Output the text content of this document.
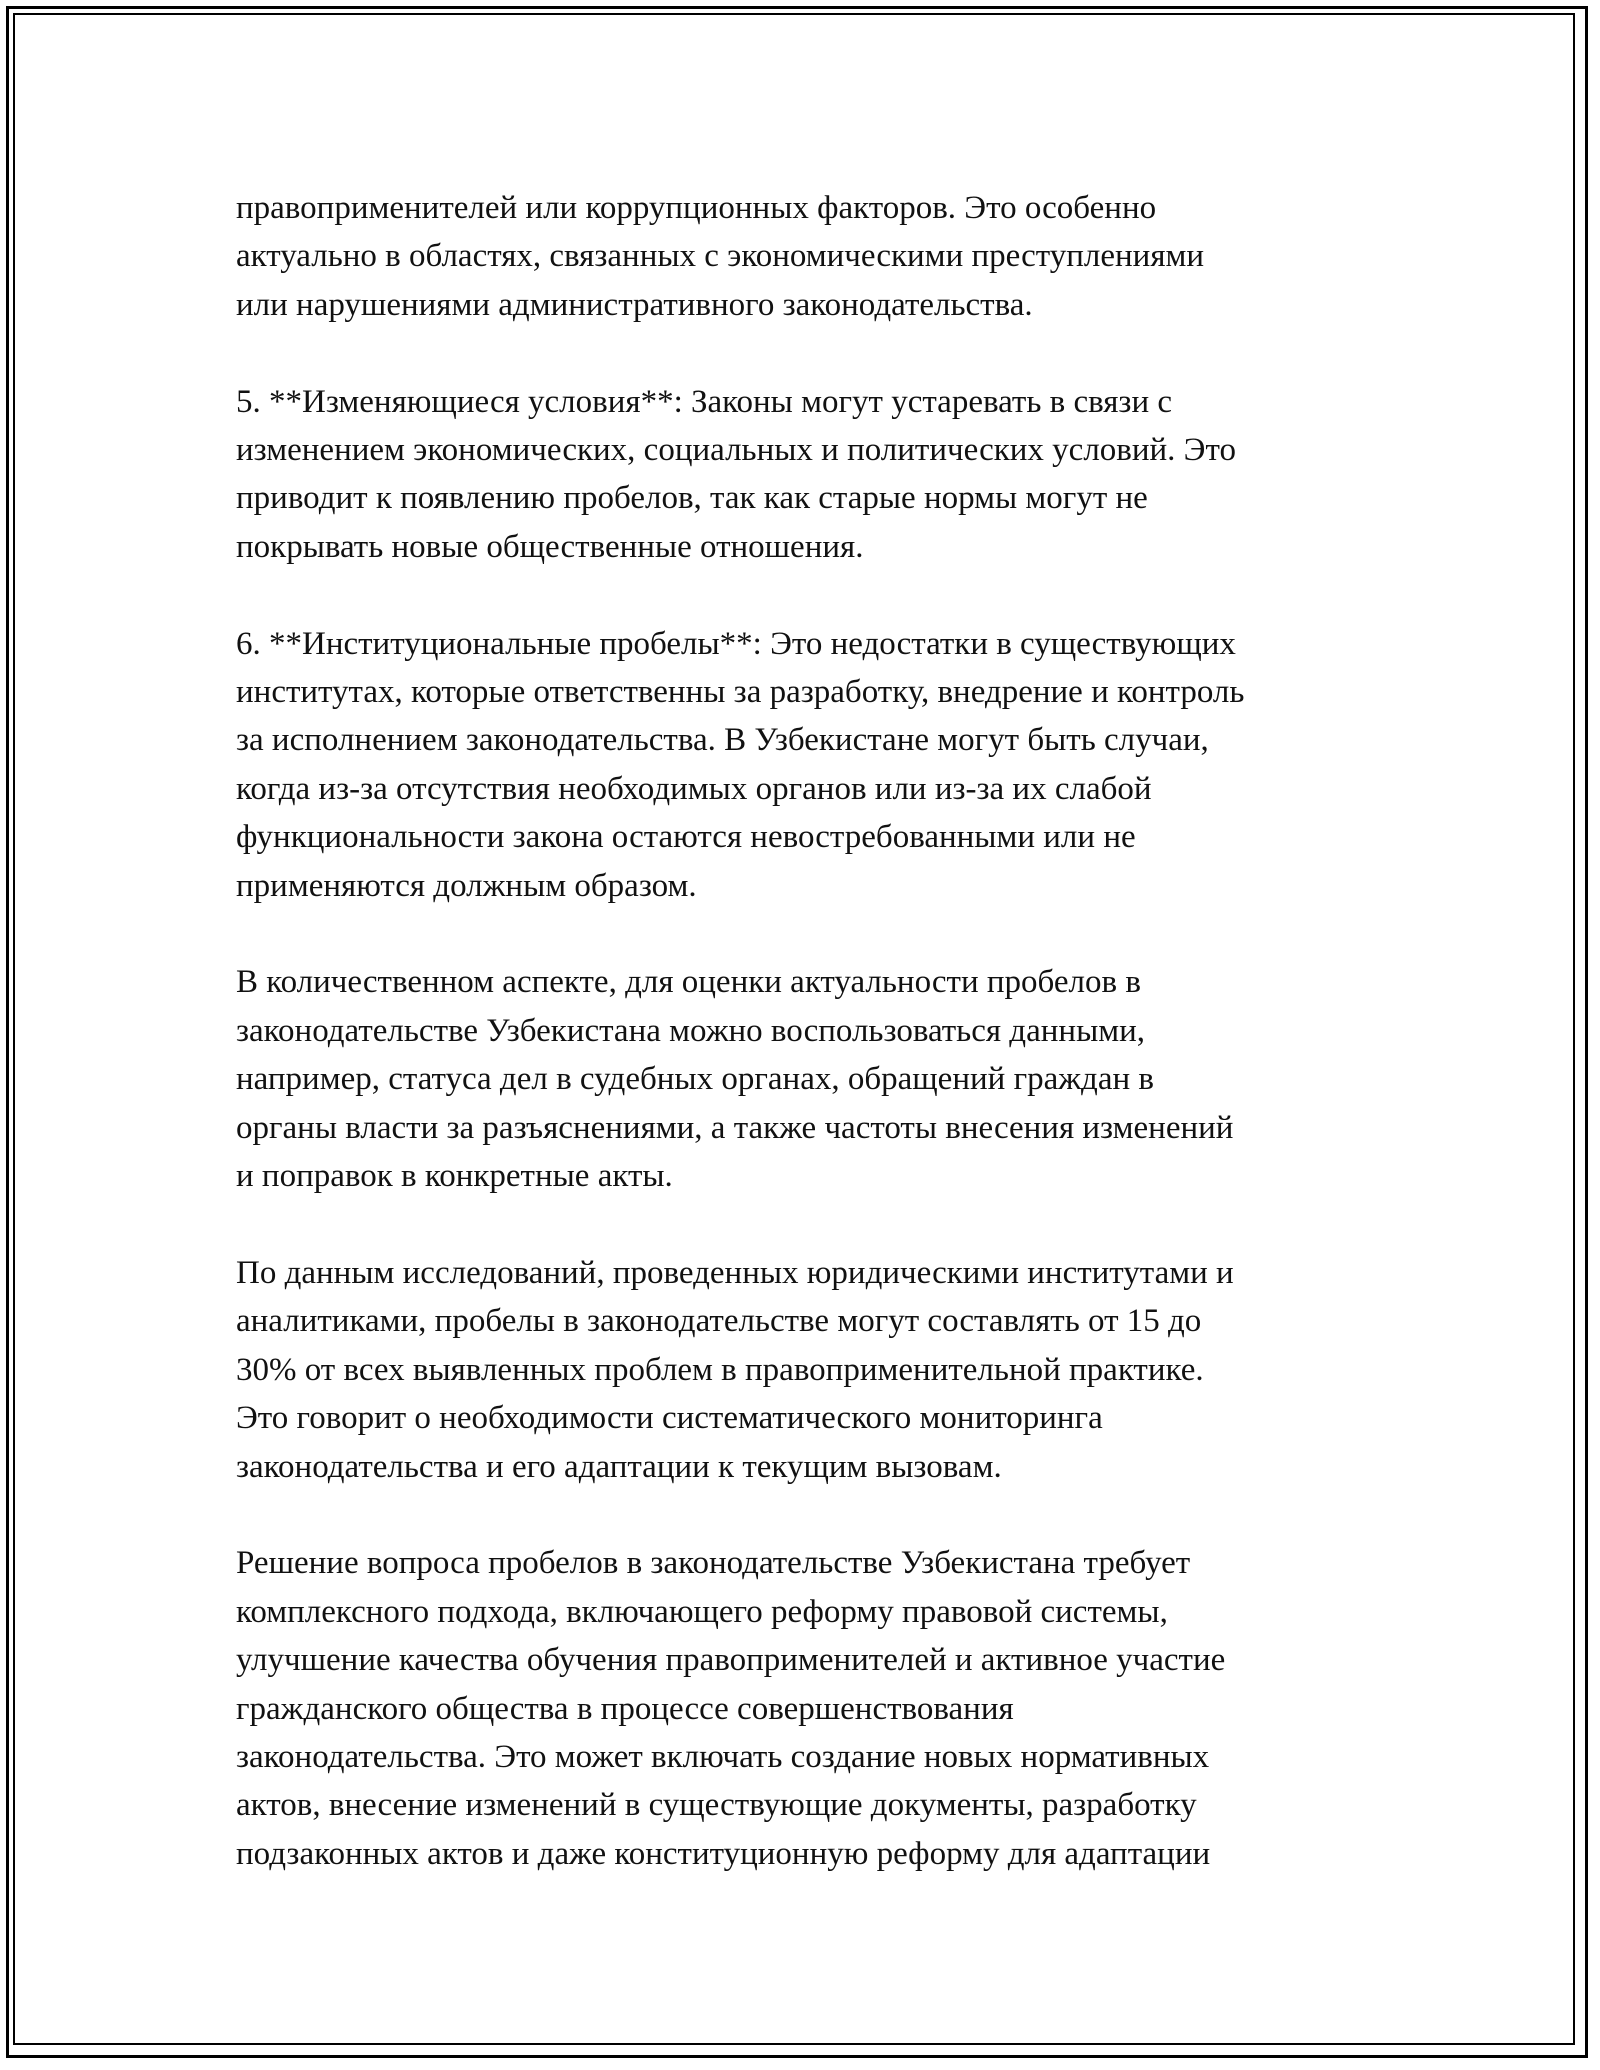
правоприменителей или коррупционных факторов. Это особенно
актуально в областях, связанных с экономическими преступлениями
или нарушениями административного законодательства.
5. **Изменяющиеся условия**: Законы могут устаревать в связи с
изменением экономических, социальных и политических условий. Это
приводит к появлению пробелов, так как старые нормы могут не
покрывать новые общественные отношения.
6. **Институциональные пробелы**: Это недостатки в существующих
институтах, которые ответственны за разработку, внедрение и контроль
за исполнением законодательства. В Узбекистане могут быть случаи,
когда из-за отсутствия необходимых органов или из-за их слабой
функциональности закона остаются невостребованными или не
применяются должным образом.
В количественном аспекте, для оценки актуальности пробелов в
законодательстве Узбекистана можно воспользоваться данными,
например, статуса дел в судебных органах, обращений граждан в
органы власти за разъяснениями, а также частоты внесения изменений
и поправок в конкретные акты.
По данным исследований, проведенных юридическими институтами и
аналитиками, пробелы в законодательстве могут составлять от 15 до
30% от всех выявленных проблем в правоприменительной практике.
Это говорит о необходимости систематического мониторинга
законодательства и его адаптации к текущим вызовам.
Решение вопроса пробелов в законодательстве Узбекистана требует
комплексного подхода, включающего реформу правовой системы,
улучшение качества обучения правоприменителей и активное участие
гражданского общества в процессе совершенствования
законодательства. Это может включать создание новых нормативных
актов, внесение изменений в существующие документы, разработку
подзаконных актов и даже конституционную реформу для адаптации
